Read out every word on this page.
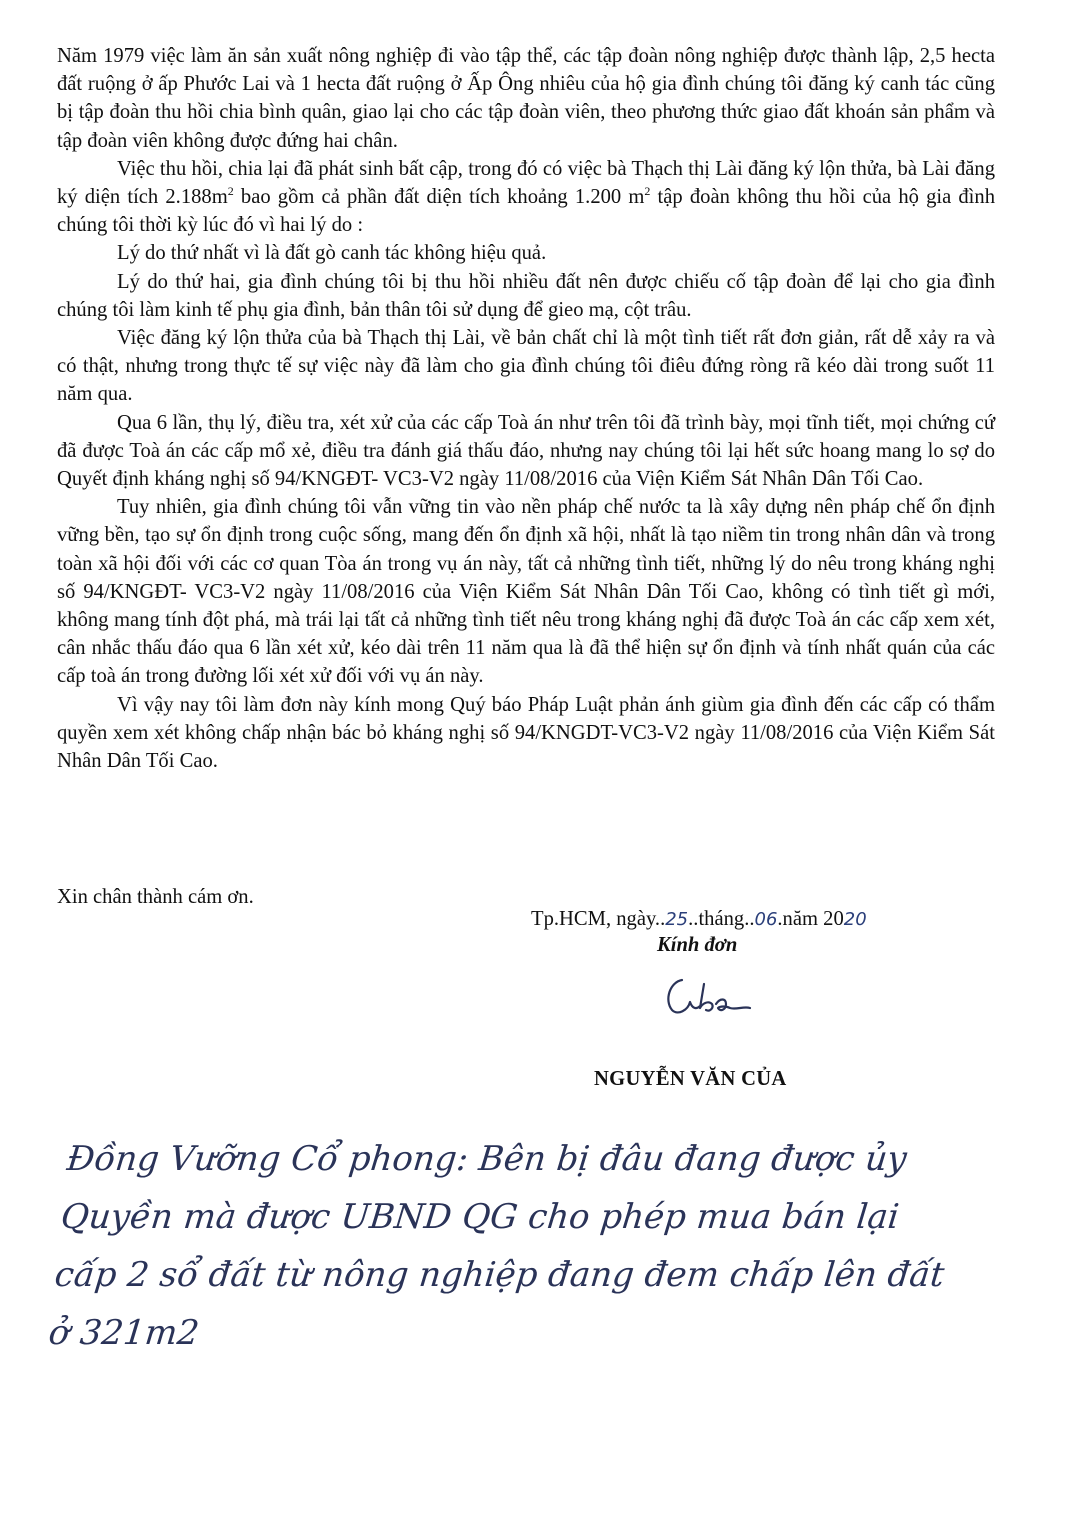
Năm 1979 việc làm ăn sản xuất nông nghiệp đi vào tập thể, các tập đoàn nông nghiệp được thành lập, 2,5 hecta đất ruộng ở ấp Phước Lai và 1 hecta đất ruộng ở Ấp Ông nhiêu của hộ gia đình chúng tôi đăng ký canh tác cũng bị tập đoàn thu hồi chia bình quân, giao lại cho các tập đoàn viên, theo phương thức giao đất khoán sản phẩm và tập đoàn viên không được đứng hai chân.

Việc thu hồi, chia lại đã phát sinh bất cập, trong đó có việc bà Thạch thị Lài đăng ký lộn thửa, bà Lài đăng ký diện tích $2.188m^2$ bao gồm cả phần đất diện tích khoảng 1.200 $m^2$ tập đoàn không thu hồi của hộ gia đình chúng tôi thời kỳ lúc đó vì hai lý do :

Lý do thứ nhất vì là đất gò canh tác không hiệu quả.

Lý do thứ hai, gia đình chúng tôi bị thu hồi nhiều đất nên được chiếu cố tập đoàn để lại cho gia đình chúng tôi làm kinh tế phụ gia đình, bản thân tôi sử dụng để gieo mạ, cột trâu.

Việc đăng ký lộn thửa của bà Thạch thị Lài, về bản chất chỉ là một tình tiết rất đơn giản, rất dễ xảy ra và có thật, nhưng trong thực tế sự việc này đã làm cho gia đình chúng tôi điêu đứng ròng rã kéo dài trong suốt 11 năm qua.

Qua 6 lần, thụ lý, điều tra, xét xử của các cấp Toà án như trên tôi đã trình bày, mọi tĩnh tiết, mọi chứng cứ đã được Toà án các cấp mổ xẻ, điều tra đánh giá thấu đáo, nhưng nay chúng tôi lại hết sức hoang mang lo sợ do Quyết định kháng nghị số 94/KNGĐT- VC3-V2 ngày 11/08/2016 của Viện Kiểm Sát Nhân Dân Tối Cao.

Tuy nhiên, gia đình chúng tôi vẫn vững tin vào nền pháp chế nước ta là xây dựng nên pháp chế ổn định vững bền, tạo sự ổn định trong cuộc sống, mang đến ổn định xã hội, nhất là tạo niềm tin trong nhân dân và trong toàn xã hội đối với các cơ quan Tòa án trong vụ án này, tất cả những tình tiết, những lý do nêu trong kháng nghị số 94/KNGĐT- VC3-V2 ngày 11/08/2016 của Viện Kiểm Sát Nhân Dân Tối Cao, không có tình tiết gì mới, không mang tính đột phá, mà trái lại tất cả những tình tiết nêu trong kháng nghị đã được Toà án các cấp xem xét, cân nhắc thấu đáo qua 6 lần xét xử, kéo dài trên 11 năm qua là đã thể hiện sự ổn định và tính nhất quán của các cấp toà án trong đường lối xét xử đối với vụ án này.

Vì vậy nay tôi làm đơn này kính mong Quý báo Pháp Luật phản ánh giùm gia đình đến các cấp có thẩm quyền xem xét không chấp nhận bác bỏ kháng nghị số 94/KNGDT-VC3-V2 ngày 11/08/2016 của Viện Kiểm Sát Nhân Dân Tối Cao.

Xin chân thành cám ơn.
Tp.HCM, ngày..25..tháng..06.năm 2020
Kính đơn
NGUYỄN VĂN CỦA
Đồng Vưỡng Cổ phong: Bên bị đâu đang được ủy
Quyền mà được UBND QG cho phép mua bán lại
cấp 2 sổ đất từ nông nghiệp đang đem chấp lên đất
ở 321m2
